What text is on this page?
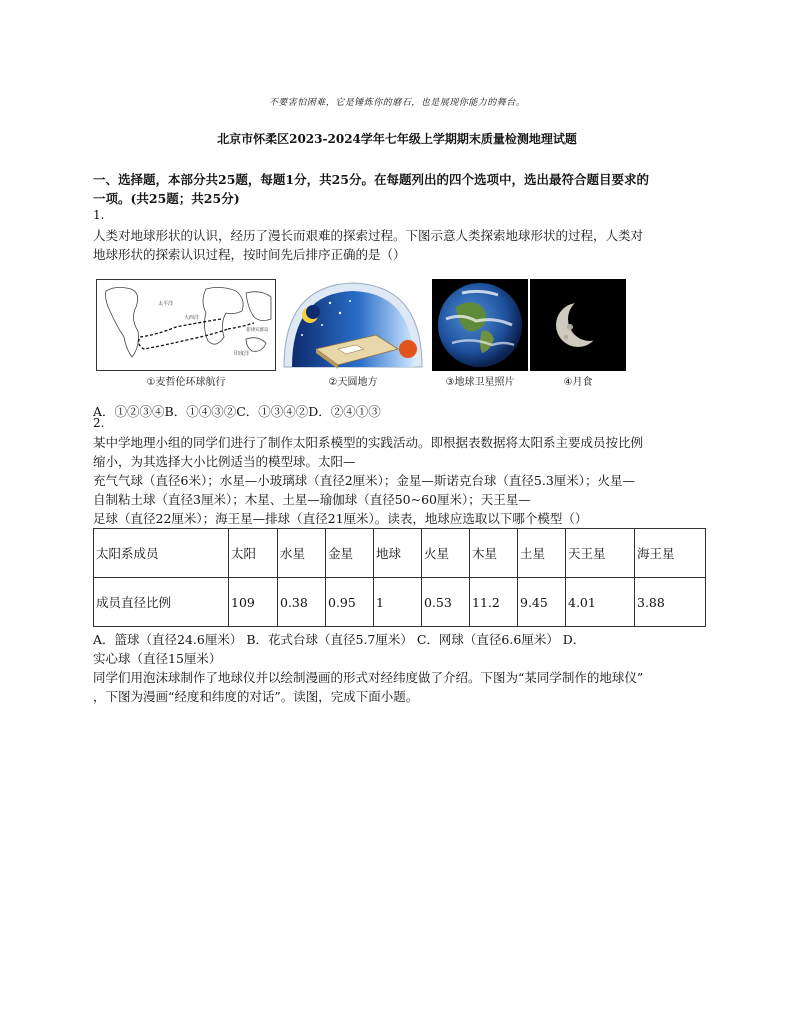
不要害怕困难，它是锤炼你的磨石，也是展现你能力的舞台。
北京市怀柔区2023-2024学年七年级上学期期末质量检测地理试题
一、选择题，本部分共25题，每题1分，共25分。在每题列出的四个选项中，选出最符合题目要求的
一项。(共25题；共25分)
1.
人类对地球形状的认识，经历了漫长而艰难的探索过程。下图示意人类探索地球形状的过程，人类对
地球形状的探索认识过程，按时间先后排序正确的是（）
太平洋
大西洋
印度洋
菲律宾群岛
①麦哲伦环球航行	②天圆地方	③地球卫星照片	④月食
A．①②③④B．①④③②C．①③④②D．②④①③
2.
某中学地理小组的同学们进行了制作太阳系模型的实践活动。即根据表数据将太阳系主要成员按比例
缩小，为其选择大小比例适当的模型球。太阳—
充气气球（直径6米）；水星—小玻璃球（直径2厘米）；金星—斯诺克台球（直径5.3厘米）；火星—
自制粘土球（直径3厘米）；木星、土星—瑜伽球（直径50~60厘米）；天王星—
足球（直径22厘米）；海王星—排球（直径21厘米）。读表，地球应选取以下哪个模型（）
太阳系成员	太阳	水星	金星	地球	火星	木星	土星	天王星	海王星
成员直径比例	109	0.38	0.95	1	0.53	11.2	9.45	4.01	3.88
A．篮球（直径24.6厘米） B．花式台球（直径5.7厘米） C．网球（直径6.6厘米） D．
实心球（直径15厘米）
同学们用泡沫球制作了地球仪并以绘制漫画的形式对经纬度做了介绍。下图为“某同学制作的地球仪”
，下图为漫画“经度和纬度的对话”。读图，完成下面小题。
